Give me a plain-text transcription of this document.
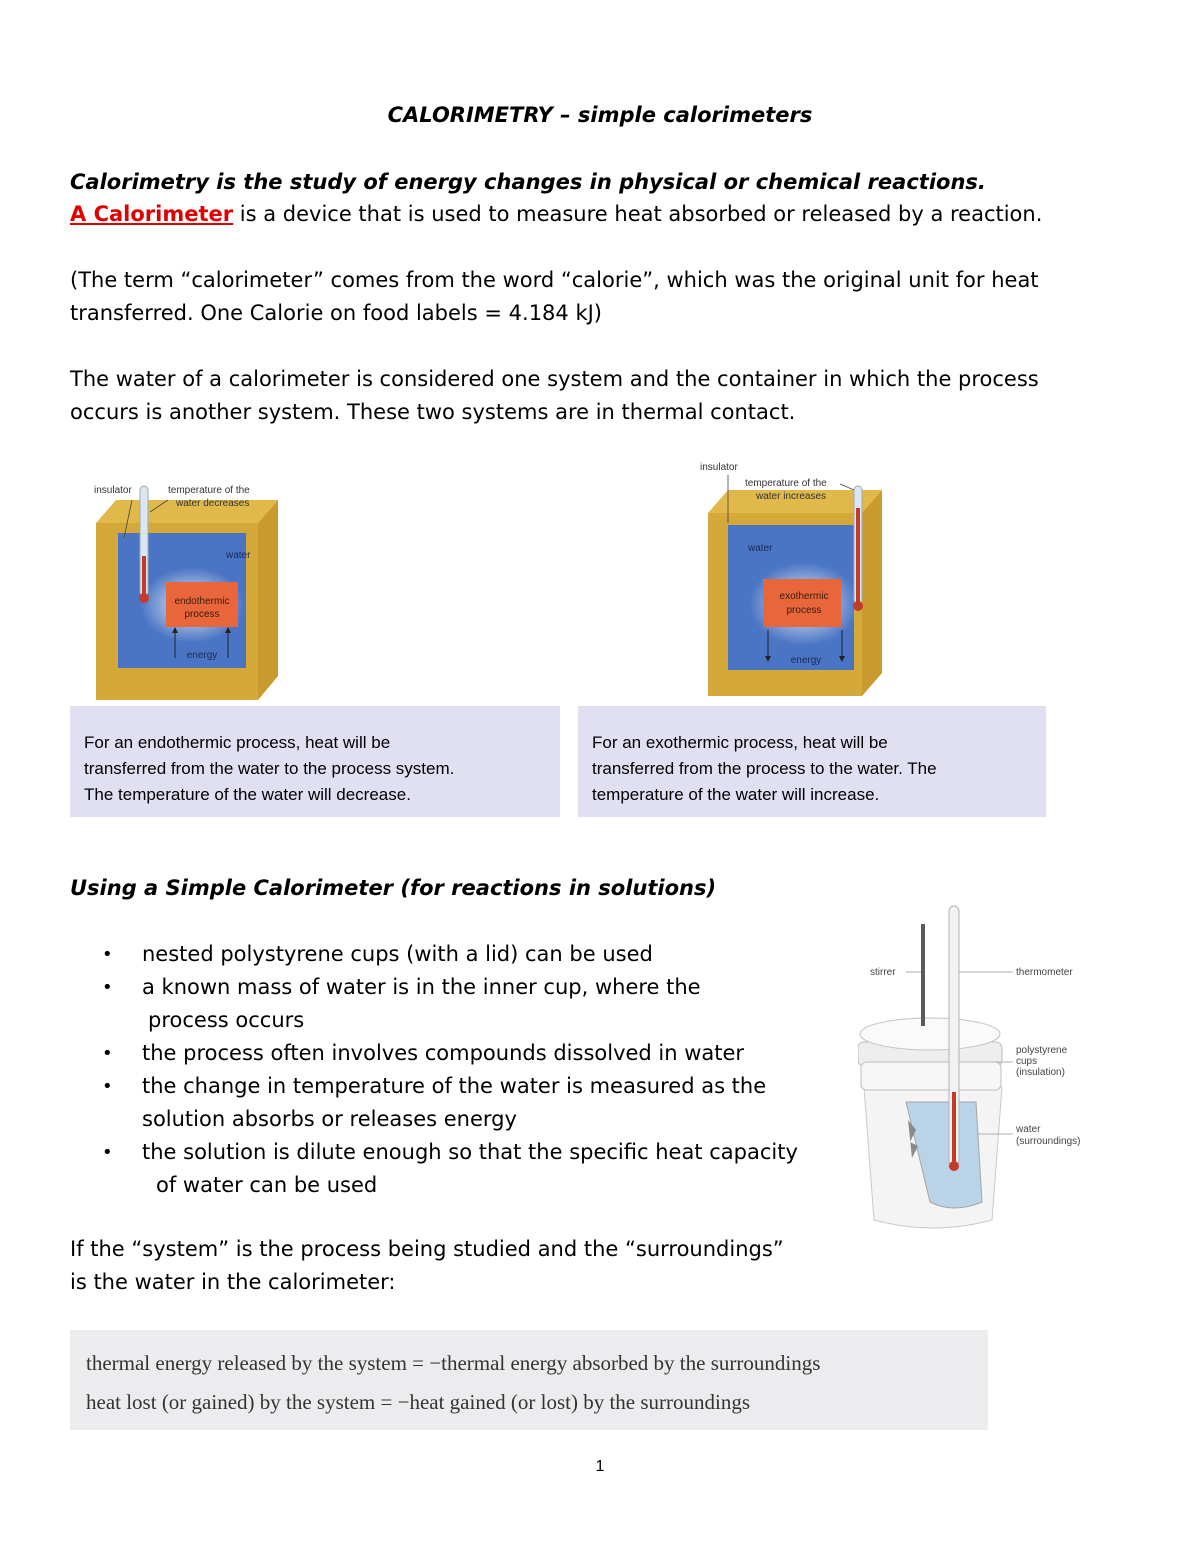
CALORIMETRY – simple calorimeters
Calorimetry is the study of energy changes in physical or chemical reactions.
A Calorimeter is a device that is used to measure heat absorbed or released by a reaction.
(The term “calorimeter” comes from the word “calorie”, which was the original unit for heat
transferred. One Calorie on food labels = 4.184 kJ)
The water of a calorimeter is considered one system and the container in which the process
occurs is another system. These two systems are in thermal contact.
insulator	temperature of the
water decreases
water
endothermic
process
energy
insulator
temperature of the
water increases
water
exothermic
process
energy
For an endothermic process, heat will be
transferred from the water to the process system.
The temperature of the water will decrease.
For an exothermic process, heat will be
transferred from the process to the water. The
temperature of the water will increase.
Using a Simple Calorimeter (for reactions in solutions)
• nested polystyrene cups (with a lid) can be used
• a known mass of water is in the inner cup, where the
process occurs
• the process often involves compounds dissolved in water
• the change in temperature of the water is measured as the
solution absorbs or releases energy
• the solution is dilute enough so that the specific heat capacity
of water can be used
stirrer	thermometer
polystyrene
cups
(insulation)
water
(surroundings)
If the “system” is the process being studied and the “surroundings”
is the water in the calorimeter:
thermal energy released by the system = −thermal energy absorbed by the surroundings
heat lost (or gained) by the system = −heat gained (or lost) by the surroundings
1
